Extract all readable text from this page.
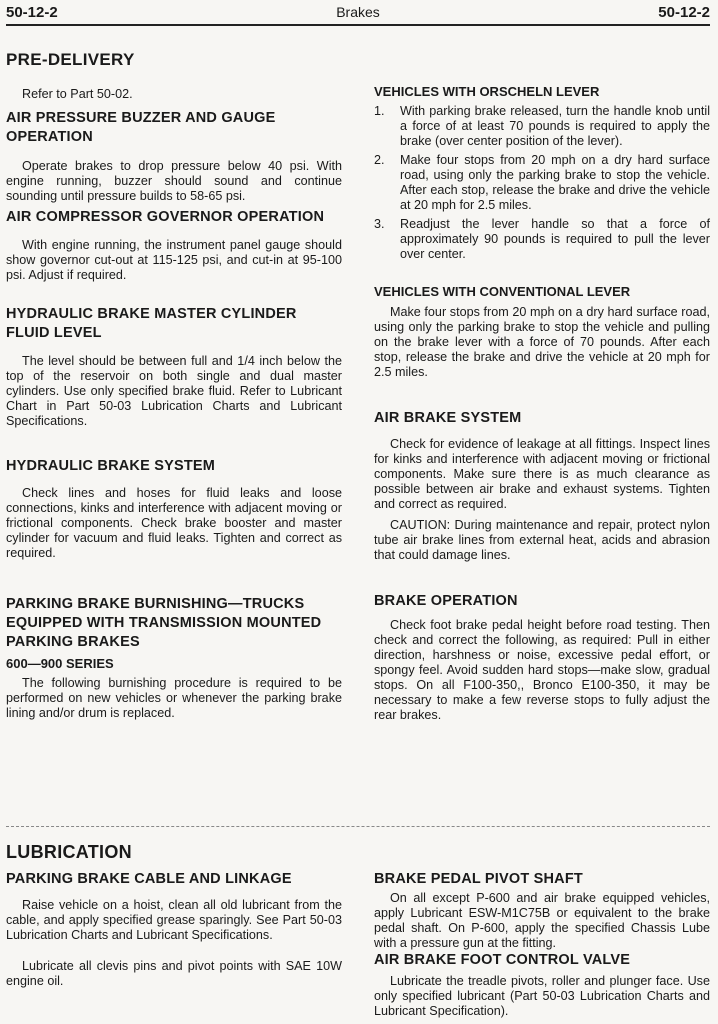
50-12-2	Brakes	50-12-2
PRE-DELIVERY

Refer to Part 50-02.

AIR PRESSURE BUZZER AND GAUGE OPERATION

Operate brakes to drop pressure below 40 psi. With engine running, buzzer should sound and continue sounding until pressure builds to 58-65 psi.

AIR COMPRESSOR GOVERNOR OPERATION

With engine running, the instrument panel gauge should show governor cut-out at 115-125 psi, and cut-in at 95-100 psi. Adjust if required.

HYDRAULIC BRAKE MASTER CYLINDER FLUID LEVEL

The level should be between full and 1/4 inch below the top of the reservoir on both single and dual master cylinders. Use only specified brake fluid. Refer to Lubricant Chart in Part 50-03 Lubrication Charts and Lubricant Specifications.

HYDRAULIC BRAKE SYSTEM

Check lines and hoses for fluid leaks and loose connections, kinks and interference with adjacent moving or frictional components. Check brake booster and master cylinder for vacuum and fluid leaks. Tighten and correct as required.

PARKING BRAKE BURNISHING—TRUCKS EQUIPPED WITH TRANSMISSION MOUNTED PARKING BRAKES
600—900 SERIES

The following burnishing procedure is required to be performed on new vehicles or whenever the parking brake lining and/or drum is replaced.

VEHICLES WITH ORSCHELN LEVER
1. With parking brake released, turn the handle knob until a force of at least 70 pounds is required to apply the brake (over center position of the lever).
2. Make four stops from 20 mph on a dry hard surface road, using only the parking brake to stop the vehicle. After each stop, release the brake and drive the vehicle at 20 mph for 2.5 miles.
3. Readjust the lever handle so that a force of approximately 90 pounds is required to pull the lever over center.
VEHICLES WITH CONVENTIONAL LEVER

Make four stops from 20 mph on a dry hard surface road, using only the parking brake to stop the vehicle and pulling on the brake lever with a force of 70 pounds. After each stop, release the brake and drive the vehicle at 20 mph for 2.5 miles.

AIR BRAKE SYSTEM

Check for evidence of leakage at all fittings. Inspect lines for kinks and interference with adjacent moving or frictional components. Make sure there is as much clearance as possible between air brake and exhaust systems. Tighten and correct as required.

CAUTION: During maintenance and repair, protect nylon tube air brake lines from external heat, acids and abrasion that could damage lines.

BRAKE OPERATION

Check foot brake pedal height before road testing. Then check and correct the following, as required: Pull in either direction, harshness or noise, excessive pedal effort, or spongy feel. Avoid sudden hard stops—make slow, gradual stops. On all F100-350,, Bronco E100-350, it may be necessary to make a few reverse stops to fully adjust the rear brakes.

LUBRICATION
PARKING BRAKE CABLE AND LINKAGE

Raise vehicle on a hoist, clean all old lubricant from the cable, and apply specified grease sparingly. See Part 50-03 Lubrication Charts and Lubricant Specifications.

Lubricate all clevis pins and pivot points with SAE 10W engine oil.

BRAKE PEDAL PIVOT SHAFT

On all except P-600 and air brake equipped vehicles, apply Lubricant ESW-M1C75B or equivalent to the brake pedal shaft. On P-600, apply the specified Chassis Lube with a pressure gun at the fitting.

AIR BRAKE FOOT CONTROL VALVE

Lubricate the treadle pivots, roller and plunger face. Use only specified lubricant (Part 50-03 Lubrication Charts and Lubricant Specification).
